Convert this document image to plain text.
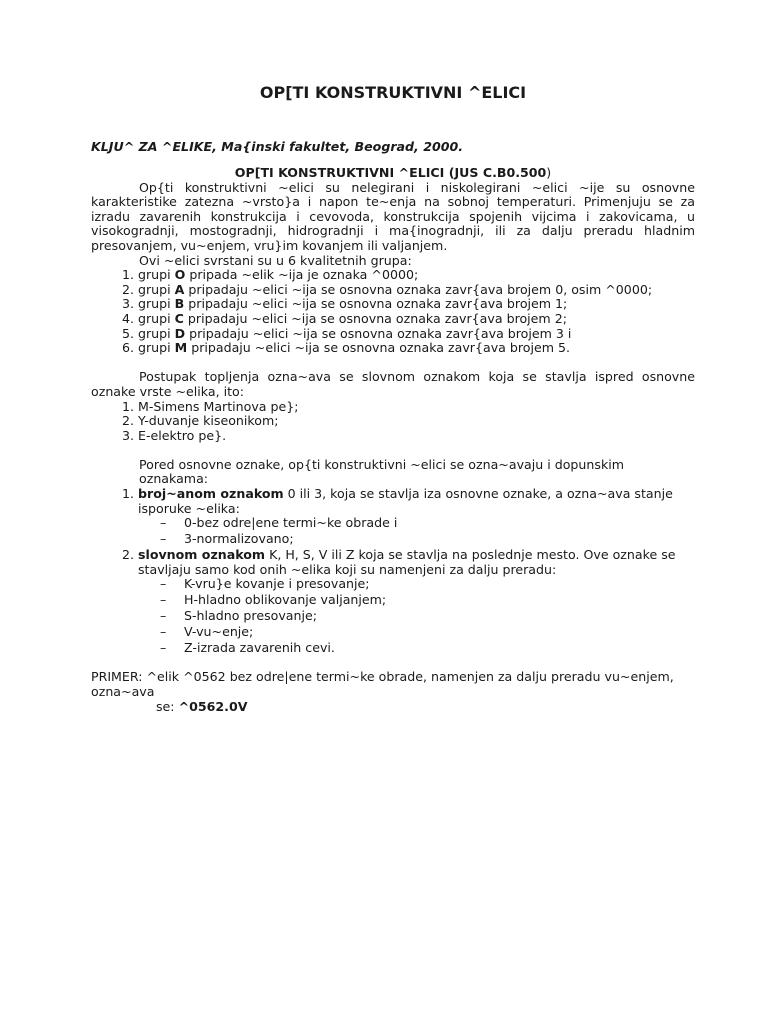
OP[TI KONSTRUKTIVNI ^ELICI
KLJU^ ZA ^ELIKE, Ma{inski fakultet, Beograd, 2000.
OP[TI KONSTRUKTIVNI ^ELICI (JUS C.B0.500)

Op{ti konstruktivni ~elici su nelegirani i niskolegirani ~elici ~ije su osnovne karakteristike zatezna ~vrsto}a i napon te~enja na sobnoj temperaturi. Primenjuju se za izradu zavarenih konstrukcija i cevovoda, konstrukcija spojenih vijcima i zakovicama, u visokogradnji, mostogradnji, hidrogradnji i ma{inogradnji, ili za dalju preradu hladnim presovanjem, vu~enjem, vru}im kovanjem ili valjanjem.

Ovi ~elici svrstani su u 6 kvalitetnih grupa:

1. grupi O pripada ~elik ~ija je oznaka ^0000;
2. grupi A pripadaju ~elici ~ija se osnovna oznaka zavr{ava brojem 0, osim ^0000;
3. grupi B pripadaju ~elici ~ija se osnovna oznaka zavr{ava brojem 1;
4. grupi C pripadaju ~elici ~ija se osnovna oznaka zavr{ava brojem 2;
5. grupi D pripadaju ~elici ~ija se osnovna oznaka zavr{ava brojem 3 i
6. grupi M pripadaju ~elici ~ija se osnovna oznaka zavr{ava brojem 5.

Postupak topljenja ozna~ava se slovnom oznakom koja se stavlja ispred osnovne oznake vrste ~elika, ito:

1. M-Simens Martinova pe};
2. Y-duvanje kiseonikom;
3. E-elektro pe}.

Pored osnovne oznake, op{ti konstruktivni ~elici se ozna~avaju i dopunskim oznakama:

1. broj~anom oznakom 0 ili 3, koja se stavlja iza osnovne oznake, a ozna~ava stanje isporuke ~elika:
– 0-bez odre|ene termi~ke obrade i
– 3-normalizovano;
2. slovnom oznakom K, H, S, V ili Z koja se stavlja na poslednje mesto. Ove oznake se stavljaju samo kod onih ~elika koji su namenjeni za dalju preradu:
– K-vru}e kovanje i presovanje;
– H-hladno oblikovanje valjanjem;
– S-hladno presovanje;
– V-vu~enje;
– Z-izrada zavarenih cevi.

PRIMER: ^elik ^0562 bez odre|ene termi~ke obrade, namenjen za dalju preradu vu~enjem, ozna~ava

se: ^0562.0V
